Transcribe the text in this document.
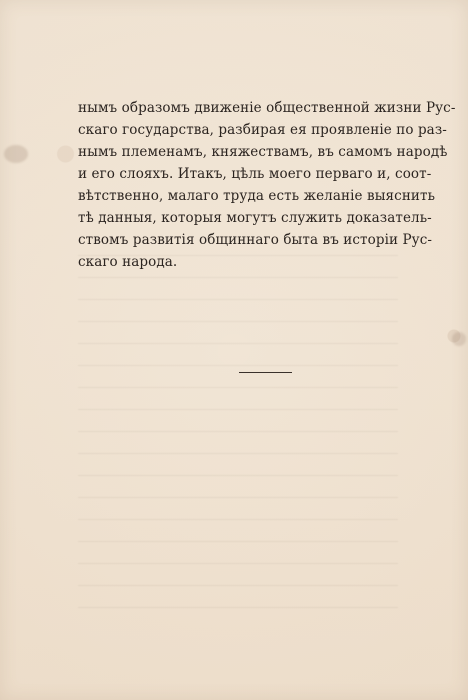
нымъ образомъ движенiе общественной жизни Рус-
скаго государства, разбирая ея проявленiе по раз-
нымъ племенамъ, княжествамъ, въ самомъ народѣ
и его слояхъ. Итакъ, цѣль моего перваго и, соот-
вѣтственно, малаго труда есть желанiе выяснить
тѣ данныя, которыя могутъ служить доказатель-
ствомъ развитiя общиннаго быта въ исторiи Рус-
скаго народа.
